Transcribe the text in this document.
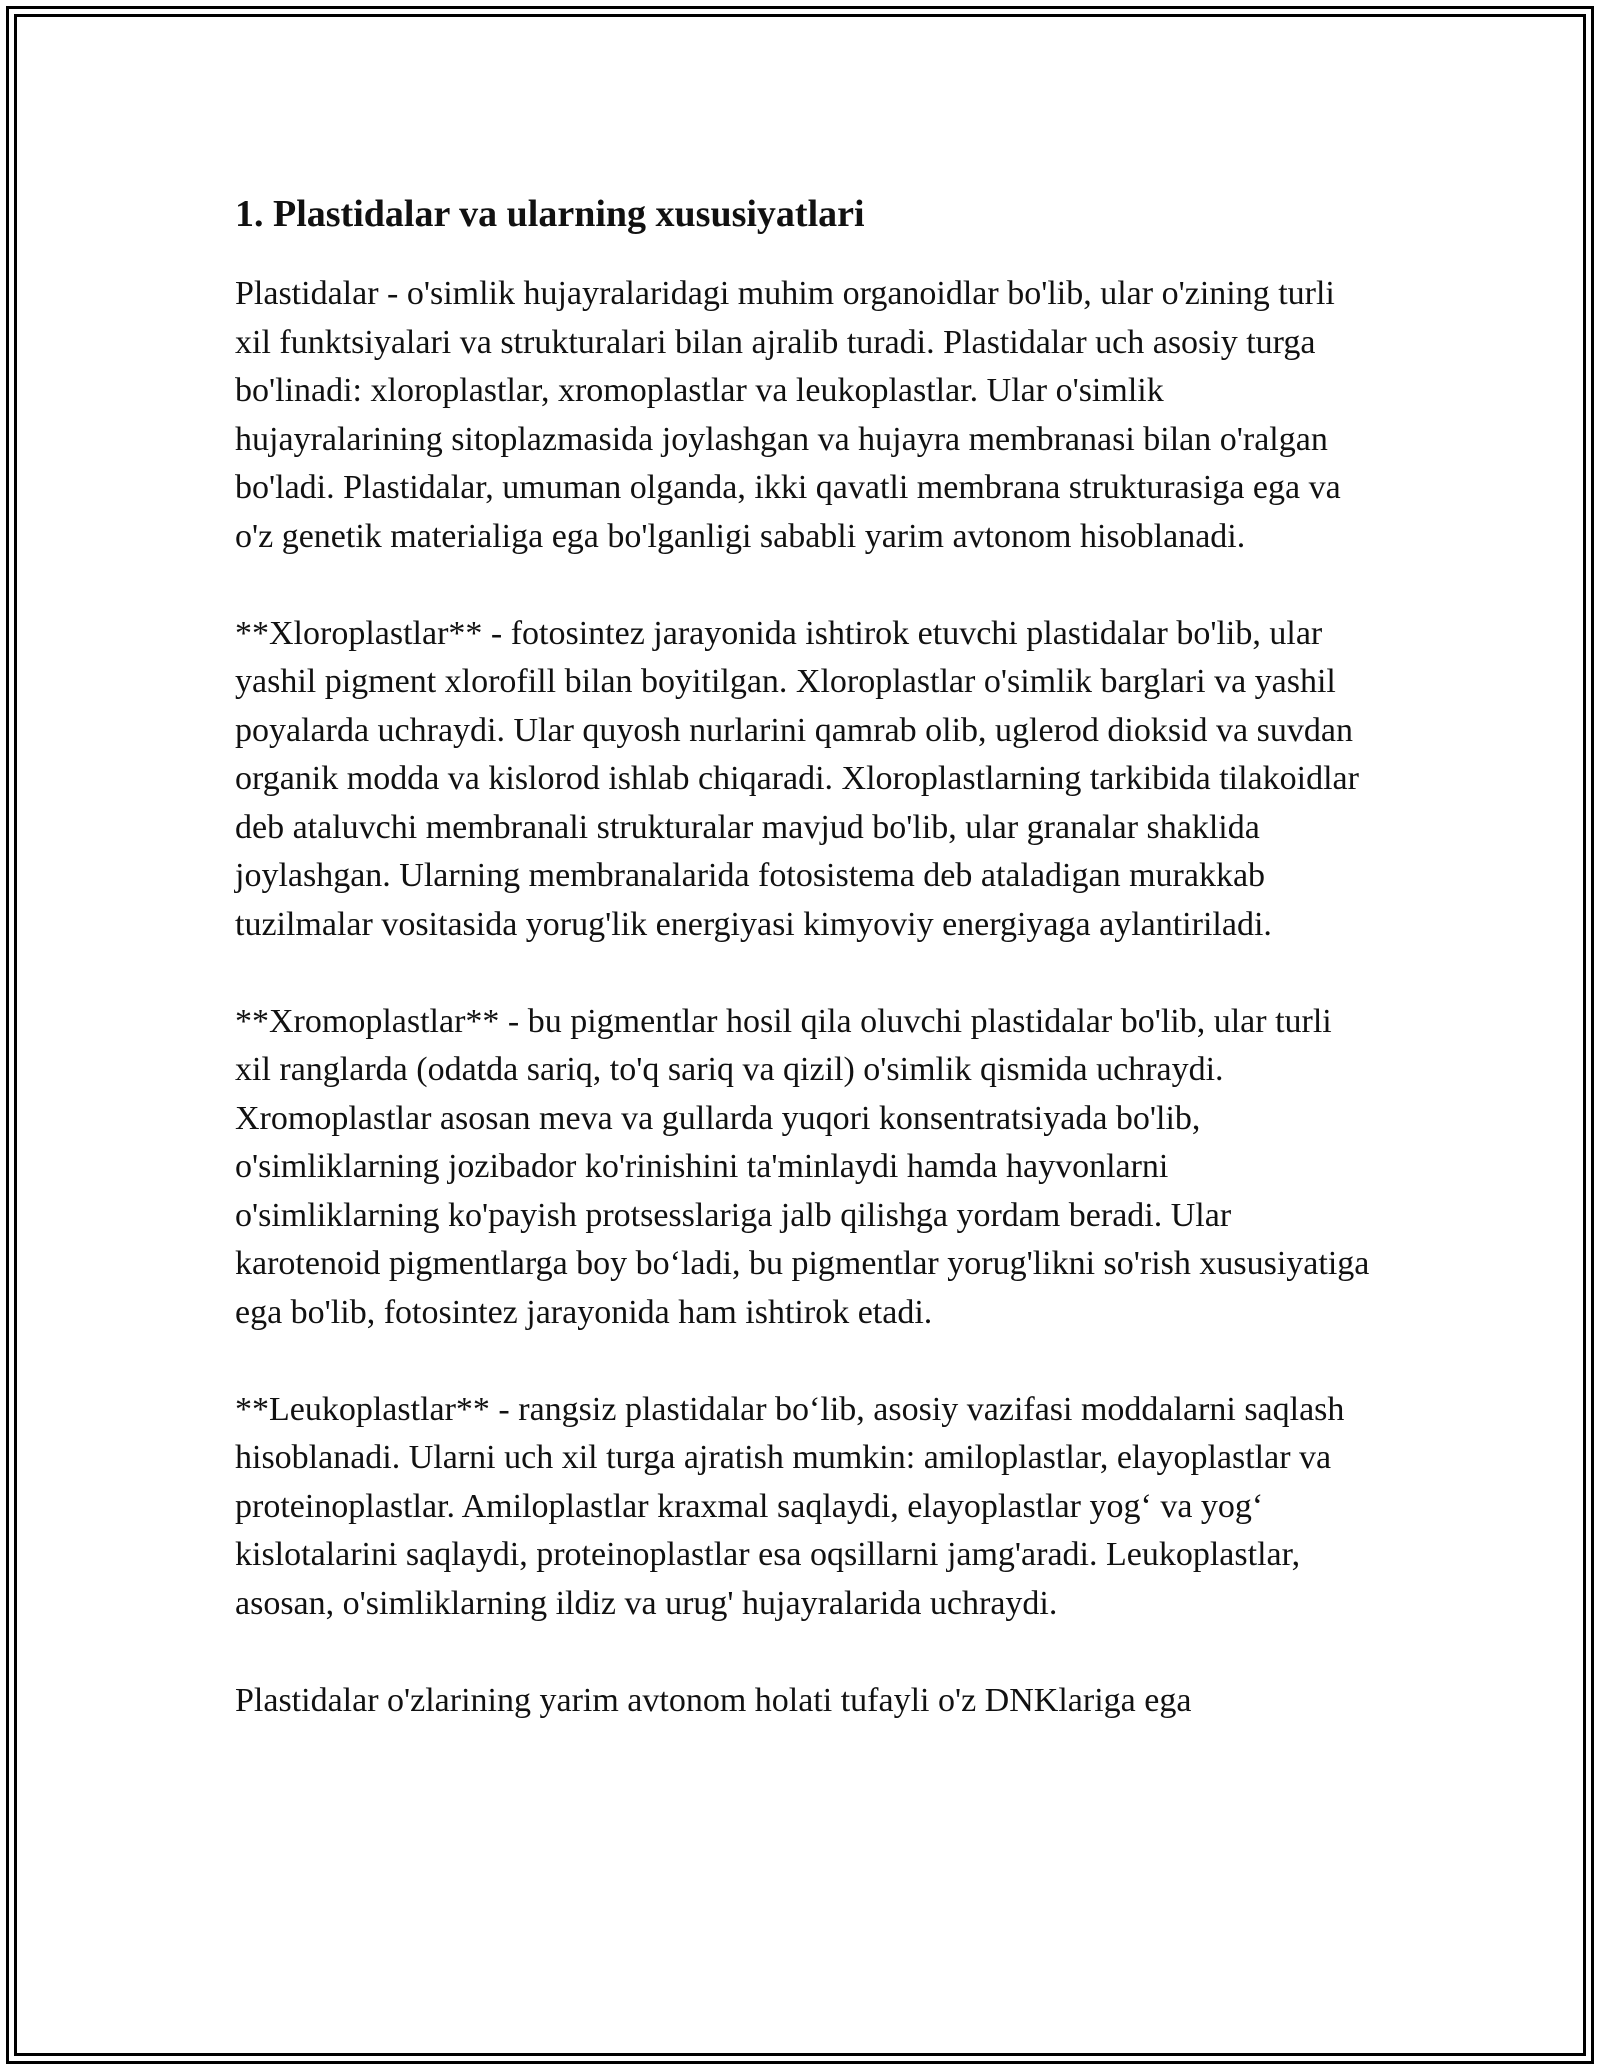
1. Plastidalar va ularning xususiyatlari

Plastidalar - o'simlik hujayralaridagi muhim organoidlar bo'lib, ular o'zining turli xil funktsiyalari va strukturalari bilan ajralib turadi. Plastidalar uch asosiy turga bo'linadi: xloroplastlar, xromoplastlar va leukoplastlar. Ular o'simlik hujayralarining sitoplazmasida joylashgan va hujayra membranasi bilan o'ralgan bo'ladi. Plastidalar, umuman olganda, ikki qavatli membrana strukturasiga ega va o'z genetik materialiga ega bo'lganligi sababli yarim avtonom hisoblanadi.

**Xloroplastlar** - fotosintez jarayonida ishtirok etuvchi plastidalar bo'lib, ular yashil pigment xlorofill bilan boyitilgan. Xloroplastlar o'simlik barglari va yashil poyalarda uchraydi. Ular quyosh nurlarini qamrab olib, uglerod dioksid va suvdan organik modda va kislorod ishlab chiqaradi. Xloroplastlarning tarkibida tilakoidlar deb ataluvchi membranali strukturalar mavjud bo'lib, ular granalar shaklida joylashgan. Ularning membranalarida fotosistema deb ataladigan murakkab tuzilmalar vositasida yorug'lik energiyasi kimyoviy energiyaga aylantiriladi.

**Xromoplastlar** - bu pigmentlar hosil qila oluvchi plastidalar bo'lib, ular turli xil ranglarda (odatda sariq, to'q sariq va qizil) o'simlik qismida uchraydi. Xromoplastlar asosan meva va gullarda yuqori konsentratsiyada bo'lib, o'simliklarning jozibador ko'rinishini ta'minlaydi hamda hayvonlarni o'simliklarning ko'payish protsesslariga jalb qilishga yordam beradi. Ular karotenoid pigmentlarga boy bo‘ladi, bu pigmentlar yorug'likni so'rish xususiyatiga ega bo'lib, fotosintez jarayonida ham ishtirok etadi.

**Leukoplastlar** - rangsiz plastidalar bo‘lib, asosiy vazifasi moddalarni saqlash hisoblanadi. Ularni uch xil turga ajratish mumkin: amiloplastlar, elayoplastlar va proteinoplastlar. Amiloplastlar kraxmal saqlaydi, elayoplastlar yog‘ va yog‘ kislotalarini saqlaydi, proteinoplastlar esa oqsillarni jamg'aradi. Leukoplastlar, asosan, o'simliklarning ildiz va urug' hujayralarida uchraydi.

Plastidalar o'zlarining yarim avtonom holati tufayli o'z DNKlariga ega
